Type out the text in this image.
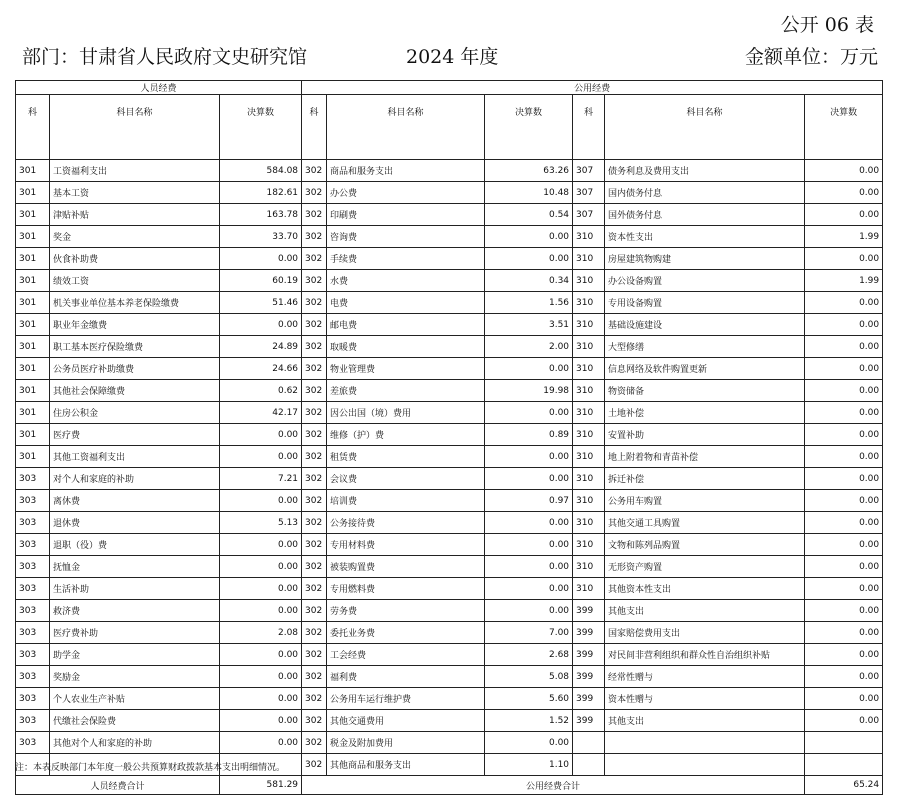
公开 06 表
部门：甘肃省人民政府文史研究馆	2024 年度	金额单位：万元
人员经费			公用经费					
科	科目名称	决算数	科	科目名称	决算数	科	科目名称	决算数
301	工资福利支出	584.08	302	商品和服务支出	63.26	307	债务利息及费用支出	0.00
301	基本工资	182.61	302	办公费	10.48	307	国内债务付息	0.00
301	津贴补贴	163.78	302	印刷费	0.54	307	国外债务付息	0.00
301	奖金	33.70	302	咨询费	0.00	310	资本性支出	1.99
301	伙食补助费	0.00	302	手续费	0.00	310	房屋建筑物购建	0.00
301	绩效工资	60.19	302	水费	0.34	310	办公设备购置	1.99
301	机关事业单位基本养老保险缴费	51.46	302	电费	1.56	310	专用设备购置	0.00
301	职业年金缴费	0.00	302	邮电费	3.51	310	基础设施建设	0.00
301	职工基本医疗保险缴费	24.89	302	取暖费	2.00	310	大型修缮	0.00
301	公务员医疗补助缴费	24.66	302	物业管理费	0.00	310	信息网络及软件购置更新	0.00
301	其他社会保障缴费	0.62	302	差旅费	19.98	310	物资储备	0.00
301	住房公积金	42.17	302	因公出国（境）费用	0.00	310	土地补偿	0.00
301	医疗费	0.00	302	维修（护）费	0.89	310	安置补助	0.00
301	其他工资福利支出	0.00	302	租赁费	0.00	310	地上附着物和青苗补偿	0.00
303	对个人和家庭的补助	7.21	302	会议费	0.00	310	拆迁补偿	0.00
303	离休费	0.00	302	培训费	0.97	310	公务用车购置	0.00
303	退休费	5.13	302	公务接待费	0.00	310	其他交通工具购置	0.00
303	退职（役）费	0.00	302	专用材料费	0.00	310	文物和陈列品购置	0.00
303	抚恤金	0.00	302	被装购置费	0.00	310	无形资产购置	0.00
303	生活补助	0.00	302	专用燃料费	0.00	310	其他资本性支出	0.00
303	救济费	0.00	302	劳务费	0.00	399	其他支出	0.00
303	医疗费补助	2.08	302	委托业务费	7.00	399	国家赔偿费用支出	0.00
303	助学金	0.00	302	工会经费	2.68	399	对民间非营利组织和群众性自治组织补贴	0.00
303	奖励金	0.00	302	福利费	5.08	399	经常性赠与	0.00
303	个人农业生产补贴	0.00	302	公务用车运行维护费	5.60	399	资本性赠与	0.00
303	代缴社会保险费	0.00	302	其他交通费用	1.52	399	其他支出	0.00
303	其他对个人和家庭的补助	0.00	302	税金及附加费用	0.00			
			302	其他商品和服务支出	1.10			
人员经费合计		581.29	公用经费合计					65.24
注：本表反映部门本年度一般公共预算财政拨款基本支出明细情况。
